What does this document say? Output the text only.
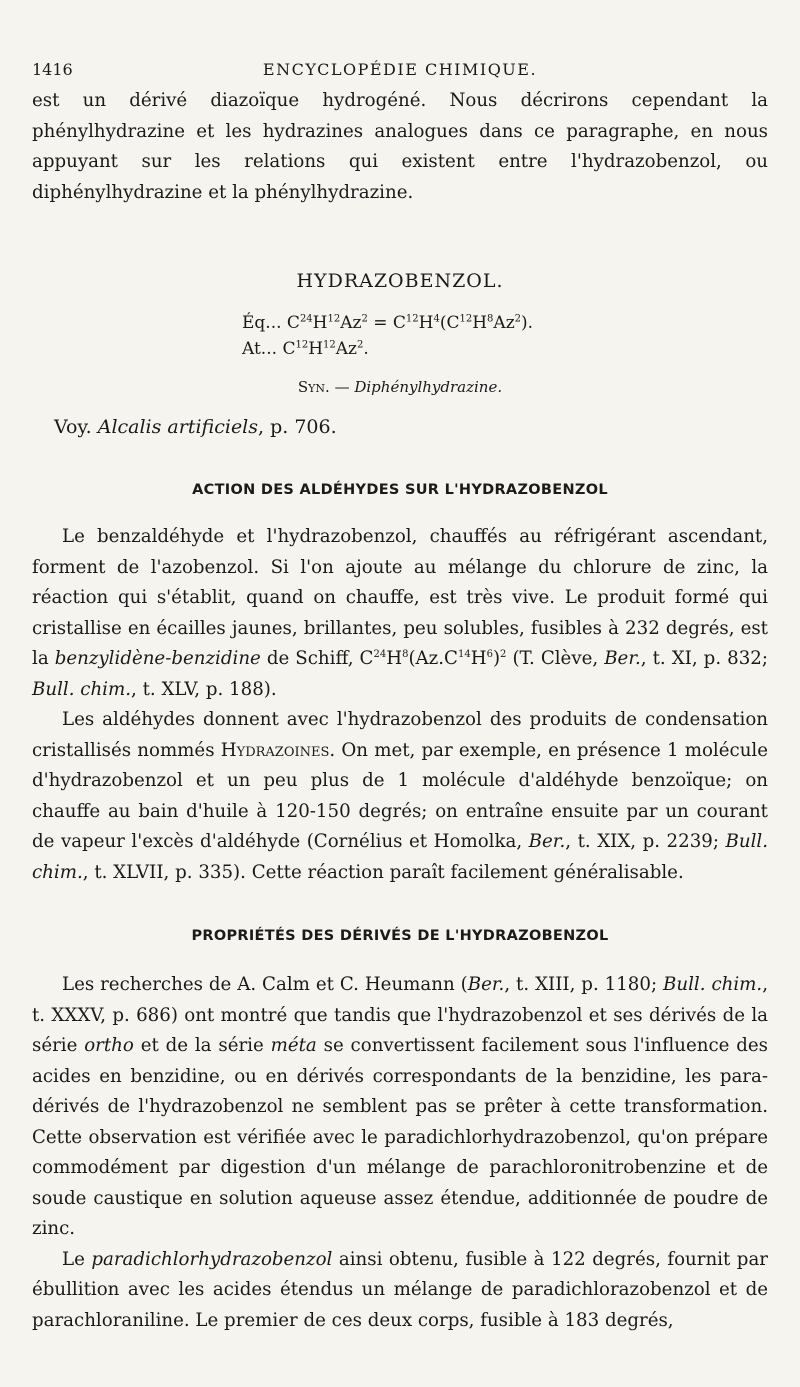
1416	ENCYCLOPÉDIE CHIMIQUE.

est un dérivé diazoïque hydrogéné. Nous décrirons cependant la phénylhydrazine et les hydrazines analogues dans ce paragraphe, en nous appuyant sur les relations qui existent entre l'hydrazobenzol, ou diphénylhydrazine et la phénylhydrazine.

HYDRAZOBENZOL.
Éq... $C^{24}H^{12}Az^2 = C^{12}H^4(C^{12}H^8Az^2)$.
At... $C^{12}H^{12}Az^2$.
Syn. — Diphénylhydrazine.
Voy. Alcalis artificiels, p. 706.
ACTION DES ALDÉHYDES SUR L'HYDRAZOBENZOL

Le benzaldéhyde et l'hydrazobenzol, chauffés au réfrigérant ascendant, forment de l'azobenzol. Si l'on ajoute au mélange du chlorure de zinc, la réaction qui s'établit, quand on chauffe, est très vive. Le produit formé qui cristallise en écailles jaunes, brillantes, peu solubles, fusibles à 232 degrés, est la benzylidène-benzidine de Schiff, $C^{24}H^8(Az.C^{14}H^6)^2$ (T. Clève, Ber., t. XI, p. 832; Bull. chim., t. XLV, p. 188).

Les aldéhydes donnent avec l'hydrazobenzol des produits de condensation cristallisés nommés Hydrazoines. On met, par exemple, en présence 1 molécule d'hydrazobenzol et un peu plus de 1 molécule d'aldéhyde benzoïque; on chauffe au bain d'huile à 120-150 degrés; on entraîne ensuite par un courant de vapeur l'excès d'aldéhyde (Cornélius et Homolka, Ber., t. XIX, p. 2239; Bull. chim., t. XLVII, p. 335). Cette réaction paraît facilement généralisable.

PROPRIÉTÉS DES DÉRIVÉS DE L'HYDRAZOBENZOL

Les recherches de A. Calm et C. Heumann (Ber., t. XIII, p. 1180; Bull. chim., t. XXXV, p. 686) ont montré que tandis que l'hydrazobenzol et ses dérivés de la série ortho et de la série méta se convertissent facilement sous l'influence des acides en benzidine, ou en dérivés correspondants de la benzidine, les para-dérivés de l'hydrazobenzol ne semblent pas se prêter à cette transformation. Cette observation est vérifiée avec le paradichlorhydrazobenzol, qu'on prépare commodément par digestion d'un mélange de parachloronitrobenzine et de soude caustique en solution aqueuse assez étendue, additionnée de poudre de zinc.

Le paradichlorhydrazobenzol ainsi obtenu, fusible à 122 degrés, fournit par ébullition avec les acides étendus un mélange de paradichlorazobenzol et de parachloraniline. Le premier de ces deux corps, fusible à 183 degrés,
